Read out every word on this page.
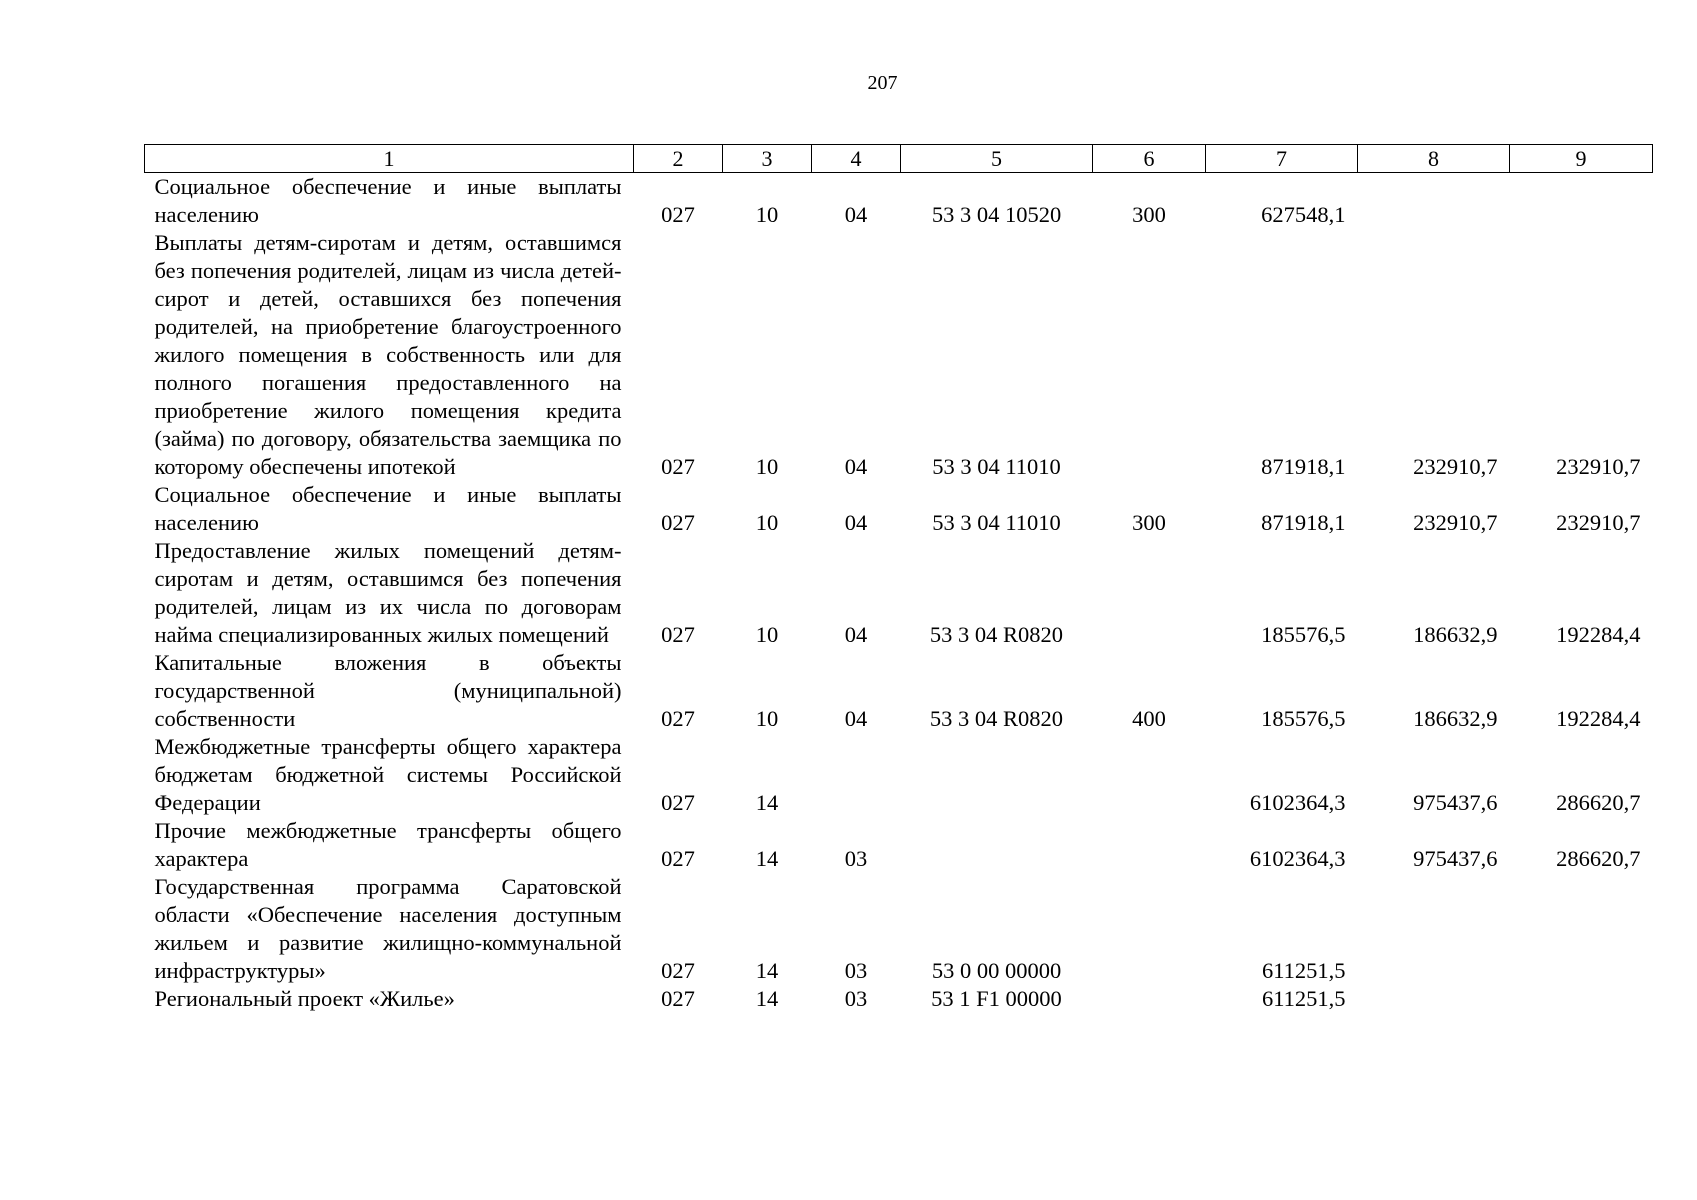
207
1	2	3	4	5	6	7	8	9
Социальное обеспечение и иные выплаты населению	027	10	04	53 3 04 10520	300	627548,1		
Выплаты детям-сиротам и детям, оставшимся без попечения родителей, лицам из числа детей-сирот и детей, оставшихся без попечения родителей, на приобретение благоустроенного жилого помещения в собственность или для полного погашения предоставленного на приобретение жилого помещения кредита (займа) по договору, обязательства заемщика по которому обеспечены ипотекой	027	10	04	53 3 04 11010		871918,1	232910,7	232910,7
Социальное обеспечение и иные выплаты населению	027	10	04	53 3 04 11010	300	871918,1	232910,7	232910,7
Предоставление жилых помещений детям-сиротам и детям, оставшимся без попечения родителей, лицам из их числа по договорам найма специализированных жилых помещений	027	10	04	53 3 04 R0820		185576,5	186632,9	192284,4
Капитальные вложения в объекты государственной (муниципальной) собственности	027	10	04	53 3 04 R0820	400	185576,5	186632,9	192284,4
Межбюджетные трансферты общего характера бюджетам бюджетной системы Российской Федерации	027	14				6102364,3	975437,6	286620,7
Прочие межбюджетные трансферты общего характера	027	14	03			6102364,3	975437,6	286620,7
Государственная программа Саратовской области «Обеспечение населения доступным жильем и развитие жилищно-коммунальной инфраструктуры»	027	14	03	53 0 00 00000		611251,5		
Региональный проект «Жилье»	027	14	03	53 1 F1 00000		611251,5		
